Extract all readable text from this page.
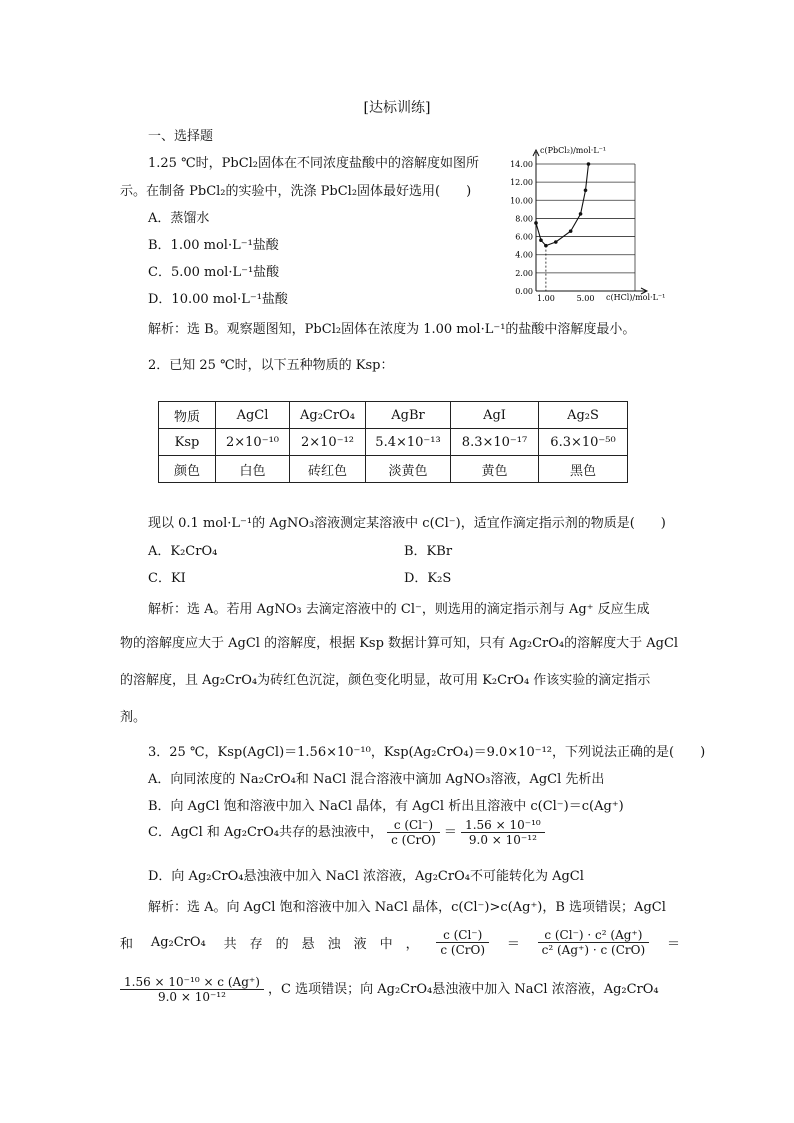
[达标训练]
一、选择题
1.25 ℃时，PbCl₂固体在不同浓度盐酸中的溶解度如图所
示。在制备 PbCl₂的实验中，洗涤 PbCl₂固体最好选用(　　)
A．蒸馏水
B．1.00 mol·L⁻¹盐酸
C．5.00 mol·L⁻¹盐酸
D．10.00 mol·L⁻¹盐酸
解析：选 B。观察题图知，PbCl₂固体在浓度为 1.00 mol·L⁻¹的盐酸中溶解度最小。
0.00
2.00
4.00
6.00
8.00
10.00
12.00
14.00
1.00	5.00
c(PbCl₂)/mol·L⁻¹
c(HCl)/mol·L⁻¹
2．已知 25 ℃时，以下五种物质的 Ksp：
物质	AgCl	Ag₂CrO₄	AgBr	AgI	Ag₂S
Ksp	2×10⁻¹⁰	2×10⁻¹²	5.4×10⁻¹³	8.3×10⁻¹⁷	6.3×10⁻⁵⁰
颜色	白色	砖红色	淡黄色	黄色	黑色
现以 0.1 mol·L⁻¹的 AgNO₃溶液测定某溶液中 c(Cl⁻)，适宜作滴定指示剂的物质是(　　)
A．K₂CrO₄	B．KBr
C．KI	D．K₂S
解析：选 A。若用 AgNO₃ 去滴定溶液中的 Cl⁻，则选用的滴定指示剂与 Ag⁺ 反应生成
物的溶解度应大于 AgCl 的溶解度，根据 Ksp 数据计算可知，只有 Ag₂CrO₄的溶解度大于 AgCl
的溶解度，且 Ag₂CrO₄为砖红色沉淀，颜色变化明显，故可用 K₂CrO₄ 作该实验的滴定指示
剂。
3．25 ℃，Ksp(AgCl)＝1.56×10⁻¹⁰，Ksp(Ag₂CrO₄)＝9.0×10⁻¹²，下列说法正确的是(　　)
A．向同浓度的 Na₂CrO₄和 NaCl 混合溶液中滴加 AgNO₃溶液，AgCl 先析出
B．向 AgCl 饱和溶液中加入 NaCl 晶体，有 AgCl 析出且溶液中 c(Cl⁻)＝c(Ag⁺)
C．AgCl 和 Ag₂CrO₄共存的悬浊液中， $\frac{c (Cl^-)}{\text{c (CrO)}} = \frac{\text{1.56 × 10⁻¹⁰}}{\text{9.0 × 10⁻¹²}}$
D．向 Ag₂CrO₄悬浊液中加入 NaCl 浓溶液，Ag₂CrO₄不可能转化为 AgCl
解析：选 A。向 AgCl 饱和溶液中加入 NaCl 晶体，c(Cl⁻)>c(Ag⁺)，B 选项错误；AgCl
和 Ag₂CrO₄ 共　存　的　悬　浊　液　中　， $\frac{c (Cl^-)}{\text{c (CrO)}} = \frac{\text{c (Cl⁻) · c² (Ag⁺)}}{\text{c² (Ag⁺) · c (CrO)}}$ ＝
$\frac{\text{1.56 × 10⁻¹⁰ × c (Ag⁺)}}{\text{9.0 × 10⁻¹²}}$ ，C 选项错误；向 Ag₂CrO₄悬浊液中加入 NaCl 浓溶液，Ag₂CrO₄
